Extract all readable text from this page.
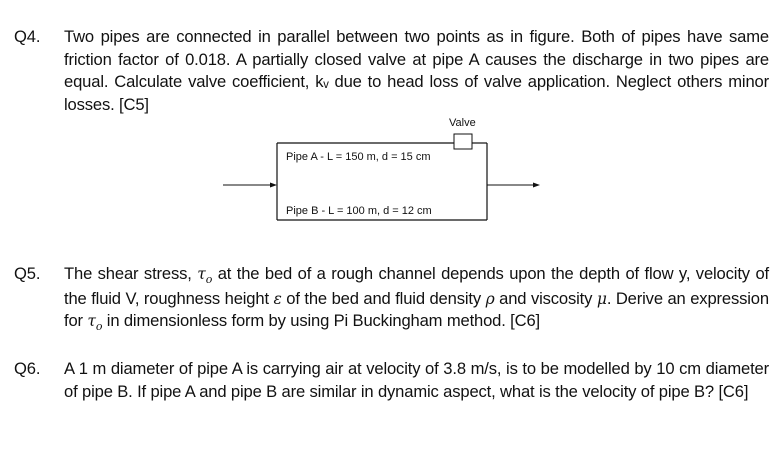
Q4.	Two pipes are connected in parallel between two points as in figure. Both of pipes have same friction factor of 0.018. A partially closed valve at pipe A causes the discharge in two pipes are equal. Calculate valve coefficient, kᵥ due to head loss of valve application. Neglect others minor losses. [C5]
Valve
Pipe A - L = 150 m, d = 15 cm
Pipe B - L = 100 m, d = 12 cm
Q5.	The shear stress, $\tau_o$ at the bed of a rough channel depends upon the depth of flow y, velocity of the fluid V, roughness height ε of the bed and fluid density ρ and viscosity μ. Derive an expression for $\tau_o$ in dimensionless form by using Pi Buckingham method. [C6]
Q6.	A 1 m diameter of pipe A is carrying air at velocity of 3.8 m/s, is to be modelled by 10 cm diameter of pipe B. If pipe A and pipe B are similar in dynamic aspect, what is the velocity of pipe B? [C6]
